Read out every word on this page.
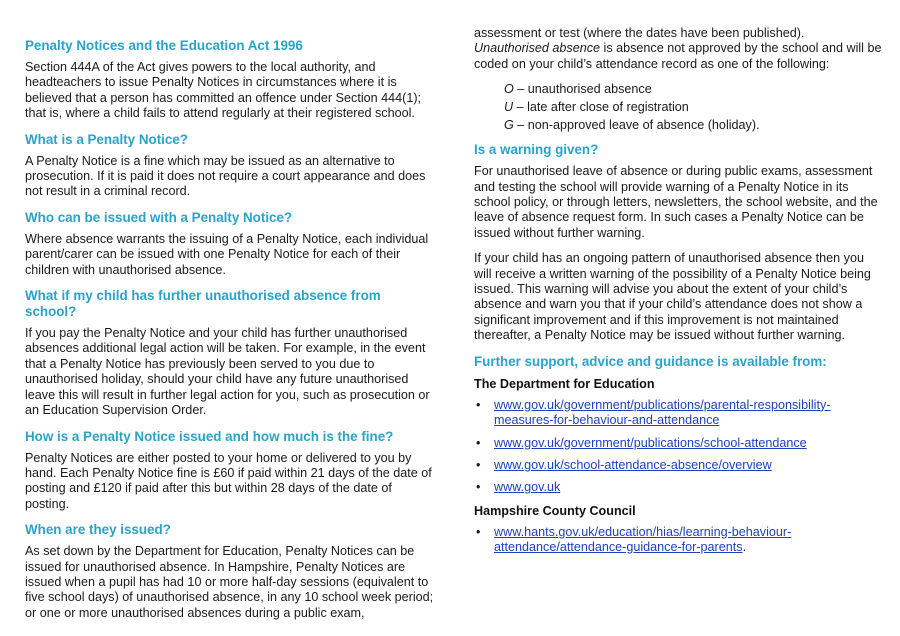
Penalty Notices and the Education Act 1996

Section 444A of the Act gives powers to the local authority, and headteachers to issue Penalty Notices in circumstances where it is believed that a person has committed an offence under Section 444(1); that is, where a child fails to attend regularly at their registered school.

What is a Penalty Notice?

A Penalty Notice is a fine which may be issued as an alternative to prosecution. If it is paid it does not require a court appearance and does not result in a criminal record.

Who can be issued with a Penalty Notice?

Where absence warrants the issuing of a Penalty Notice, each individual parent/carer can be issued with one Penalty Notice for each of their children with unauthorised absence.

What if my child has further unauthorised absence from school?

If you pay the Penalty Notice and your child has further unauthorised absences additional legal action will be taken. For example, in the event that a Penalty Notice has previously been served to you due to unauthorised holiday, should your child have any future unauthorised leave this will result in further legal action for you, such as prosecution or an Education Supervision Order.

How is a Penalty Notice issued and how much is the fine?

Penalty Notices are either posted to your home or delivered to you by hand. Each Penalty Notice fine is £60 if paid within 21 days of the date of posting and £120 if paid after this but within 28 days of the date of posting.

When are they issued?

As set down by the Department for Education, Penalty Notices can be issued for unauthorised absence. In Hampshire, Penalty Notices are issued when a pupil has had 10 or more half-day sessions (equivalent to five school days) of unauthorised absence, in any 10 school week period; or one or more unauthorised absences during a public exam,

assessment or test (where the dates have been published).
Unauthorised absence is absence not approved by the school and will be coded on your child’s attendance record as one of the following:

O – unauthorised absence
U – late after close of registration
G – non-approved leave of absence (holiday).
Is a warning given?

For unauthorised leave of absence or during public exams, assessment and testing the school will provide warning of a Penalty Notice in its school policy, or through letters, newsletters, the school website, and the leave of absence request form. In such cases a Penalty Notice can be issued without further warning.

If your child has an ongoing pattern of unauthorised absence then you will receive a written warning of the possibility of a Penalty Notice being issued. This warning will advise you about the extent of your child’s absence and warn you that if your child’s attendance does not show a significant improvement and if this improvement is not maintained thereafter, a Penalty Notice may be issued without further warning.

Further support, advice and guidance is available from:
The Department for Education
• www.gov.uk/government/publications/parental-responsibility-measures-for-behaviour-and-attendance
• www.gov.uk/government/publications/school-attendance
• www.gov.uk/school-attendance-absence/overview
• www.gov.uk
Hampshire County Council
• www.hants.gov.uk/education/hias/learning-behaviour-attendance/attendance-guidance-for-parents.
